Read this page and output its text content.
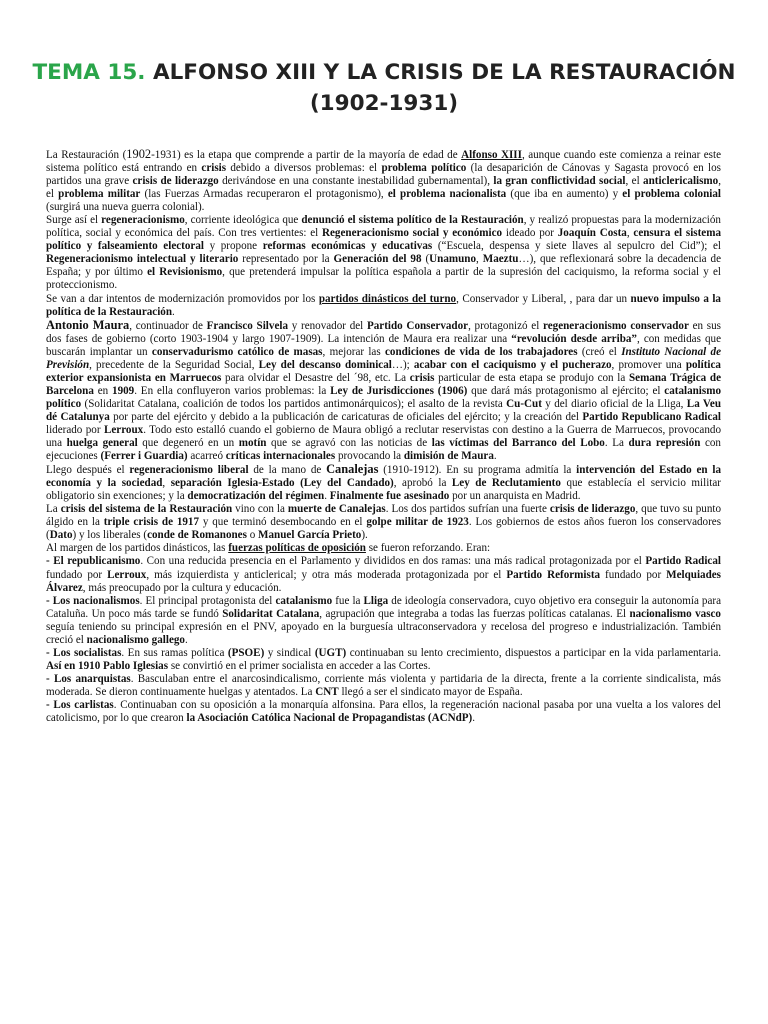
TEMA 15. ALFONSO XIII Y LA CRISIS DE LA RESTAURACIÓN
(1902-1931)

La Restauración (1902-1931) es la etapa que comprende a partir de la mayoría de edad de Alfonso XIII, aunque cuando este comienza a reinar este sistema político está entrando en crisis debido a diversos problemas: el problema político (la desaparición de Cánovas y Sagasta provocó en los partidos una grave crisis de liderazgo derivándose en una constante inestabilidad gubernamental), la gran conflictividad social, el anticlericalismo, el problema militar (las Fuerzas Armadas recuperaron el protagonismo), el problema nacionalista (que iba en aumento) y el problema colonial (surgirá una nueva guerra colonial).

Surge así el regeneracionismo, corriente ideológica que denunció el sistema político de la Restauración, y realizó propuestas para la modernización política, social y económica del país. Con tres vertientes: el Regeneracionismo social y económico ideado por Joaquín Costa, censura el sistema político y falseamiento electoral y propone reformas económicas y educativas (“Escuela, despensa y siete llaves al sepulcro del Cid”); el Regeneracionismo intelectual y literario representado por la Generación del 98 (Unamuno, Maeztu…), que reflexionará sobre la decadencia de España; y por último el Revisionismo, que pretenderá impulsar la política española a partir de la supresión del caciquismo, la reforma social y el proteccionismo.

Se van a dar intentos de modernización promovidos por los partidos dinásticos del turno, Conservador y Liberal, , para dar un nuevo impulso a la política de la Restauración.

Antonio Maura, continuador de Francisco Silvela y renovador del Partido Conservador, protagonizó el regeneracionismo conservador en sus dos fases de gobierno (corto 1903-1904 y largo 1907-1909). La intención de Maura era realizar una “revolución desde arriba”, con medidas que buscarán implantar un conservadurismo católico de masas, mejorar las condiciones de vida de los trabajadores (creó el Instituto Nacional de Previsión, precedente de la Seguridad Social, Ley del descanso dominical…); acabar con el caciquismo y el pucherazo, promover una política exterior expansionista en Marruecos para olvidar el Desastre del ´98, etc. La crisis particular de esta etapa se produjo con la Semana Trágica de Barcelona en 1909. En ella confluyeron varios problemas: la Ley de Jurisdicciones (1906) que dará más protagonismo al ejército; el catalanismo político (Solidaritat Catalana, coalición de todos los partidos antimonárquicos); el asalto de la revista Cu-Cut y del diario oficial de la Lliga, La Veu dé Catalunya por parte del ejército y debido a la publicación de caricaturas de oficiales del ejército; y la creación del Partido Republicano Radical liderado por Lerroux. Todo esto estalló cuando el gobierno de Maura obligó a reclutar reservistas con destino a la Guerra de Marruecos, provocando una huelga general que degeneró en un motín que se agravó con las noticias de las víctimas del Barranco del Lobo. La dura represión con ejecuciones (Ferrer i Guardia) acarreó críticas internacionales provocando la dimisión de Maura.

Llego después el regeneracionismo liberal de la mano de Canalejas (1910-1912). En su programa admitía la intervención del Estado en la economía y la sociedad, separación Iglesia-Estado (Ley del Candado), aprobó la Ley de Reclutamiento que establecía el servicio militar obligatorio sin exenciones; y la democratización del régimen. Finalmente fue asesinado por un anarquista en Madrid.

La crisis del sistema de la Restauración vino con la muerte de Canalejas. Los dos partidos sufrían una fuerte crisis de liderazgo, que tuvo su punto álgido en la triple crisis de 1917 y que terminó desembocando en el golpe militar de 1923. Los gobiernos de estos años fueron los conservadores (Dato) y los liberales (conde de Romanones o Manuel García Prieto).

Al margen de los partidos dinásticos, las fuerzas políticas de oposición se fueron reforzando. Eran:

- El republicanismo. Con una reducida presencia en el Parlamento y divididos en dos ramas: una más radical protagonizada por el Partido Radical fundado por Lerroux, más izquierdista y anticlerical; y otra más moderada protagonizada por el Partido Reformista fundado por Melquiades Álvarez, más preocupado por la cultura y educación.

- Los nacionalismos. El principal protagonista del catalanismo fue la Lliga de ideología conservadora, cuyo objetivo era conseguir la autonomía para Cataluña. Un poco más tarde se fundó Solidaritat Catalana, agrupación que integraba a todas las fuerzas políticas catalanas. El nacionalismo vasco seguía teniendo su principal expresión en el PNV, apoyado en la burguesía ultraconservadora y recelosa del progreso e industrialización. También creció el nacionalismo gallego.

- Los socialistas. En sus ramas política (PSOE) y sindical (UGT) continuaban su lento crecimiento, dispuestos a participar en la vida parlamentaria. Así en 1910 Pablo Iglesias se convirtió en el primer socialista en acceder a las Cortes.

- Los anarquistas. Basculaban entre el anarcosindicalismo, corriente más violenta y partidaria de la directa, frente a la corriente sindicalista, más moderada. Se dieron continuamente huelgas y atentados. La CNT llegó a ser el sindicato mayor de España.

- Los carlistas. Continuaban con su oposición a la monarquía alfonsina. Para ellos, la regeneración nacional pasaba por una vuelta a los valores del catolicismo, por lo que crearon la Asociación Católica Nacional de Propagandistas (ACNdP).
